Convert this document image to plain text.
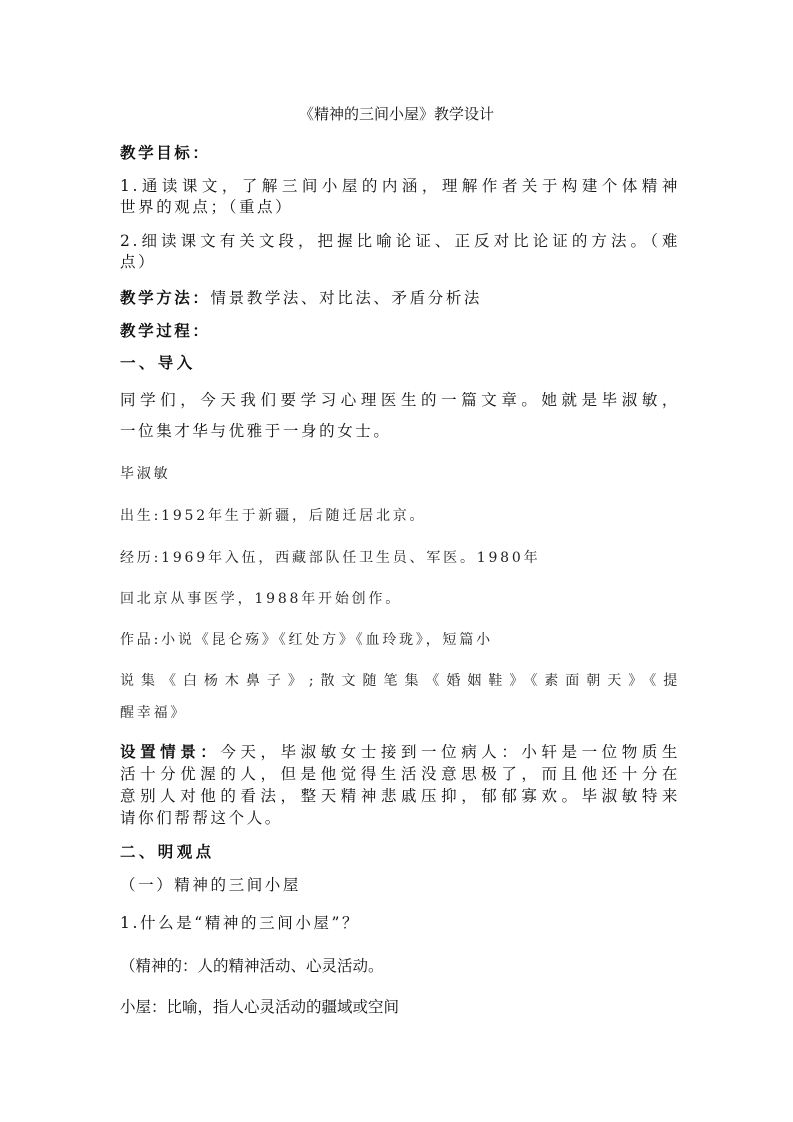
《精神的三间小屋》教学设计
教学目标：
1.通读课文，了解三间小屋的内涵，理解作者关于构建个体精神
世界的观点；（重点）
2.细读课文有关文段，把握比喻论证、正反对比论证的方法。（难
点）
教学方法：情景教学法、对比法、矛盾分析法
教学过程：
一、导入
同学们，今天我们要学习心理医生的一篇文章。她就是毕淑敏，
一位集才华与优雅于一身的女士。
毕淑敏
出生:1952年生于新疆，后随迁居北京。
经历:1969年入伍，西藏部队任卫生员、军医。1980年
回北京从事医学，1988年开始创作。
作品:小说《昆仑殇》《红处方》《血玲珑》，短篇小
说集《白杨木鼻子》;散文随笔集《婚姻鞋》《素面朝天》《提
醒幸福》
设置情景：今天，毕淑敏女士接到一位病人：小轩是一位物质生
活十分优渥的人，但是他觉得生活没意思极了，而且他还十分在
意别人对他的看法，整天精神悲戚压抑，郁郁寡欢。毕淑敏特来
请你们帮帮这个人。
二、明观点
（一）精神的三间小屋
1.什么是“精神的三间小屋”？
（精神的：人的精神活动、心灵活动。
小屋：比喻，指人心灵活动的疆域或空间
